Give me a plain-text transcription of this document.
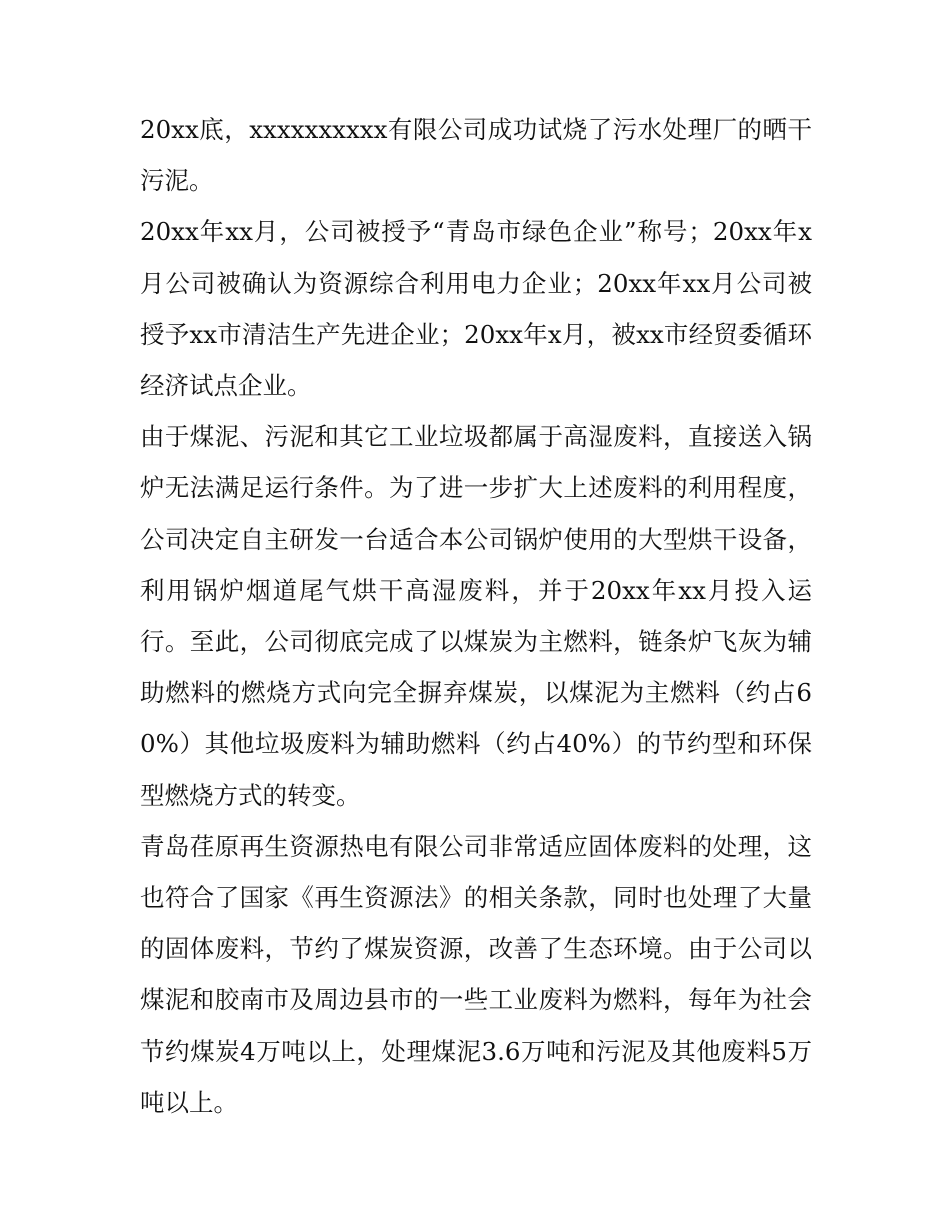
20xx底，xxxxxxxxxx有限公司成功试烧了污水处理厂的晒干污泥。

20xx年xx月，公司被授予“青岛市绿色企业”称号；20xx年x月公司被确认为资源综合利用电力企业；20xx年xx月公司被授予xx市清洁生产先进企业；20xx年x月，被xx市经贸委循环经济试点企业。

由于煤泥、污泥和其它工业垃圾都属于高湿废料，直接送入锅炉无法满足运行条件。为了进一步扩大上述废料的利用程度，公司决定自主研发一台适合本公司锅炉使用的大型烘干设备，利用锅炉烟道尾气烘干高湿废料，并于20xx年xx月投入运行。至此，公司彻底完成了以煤炭为主燃料，链条炉飞灰为辅助燃料的燃烧方式向完全摒弃煤炭，以煤泥为主燃料（约占60%）其他垃圾废料为辅助燃料（约占40%）的节约型和环保型燃烧方式的转变。

青岛荏原再生资源热电有限公司非常适应固体废料的处理，这也符合了国家《再生资源法》的相关条款，同时也处理了大量的固体废料，节约了煤炭资源，改善了生态环境。由于公司以煤泥和胶南市及周边县市的一些工业废料为燃料，每年为社会节约煤炭4万吨以上，处理煤泥3.6万吨和污泥及其他废料5万吨以上。
